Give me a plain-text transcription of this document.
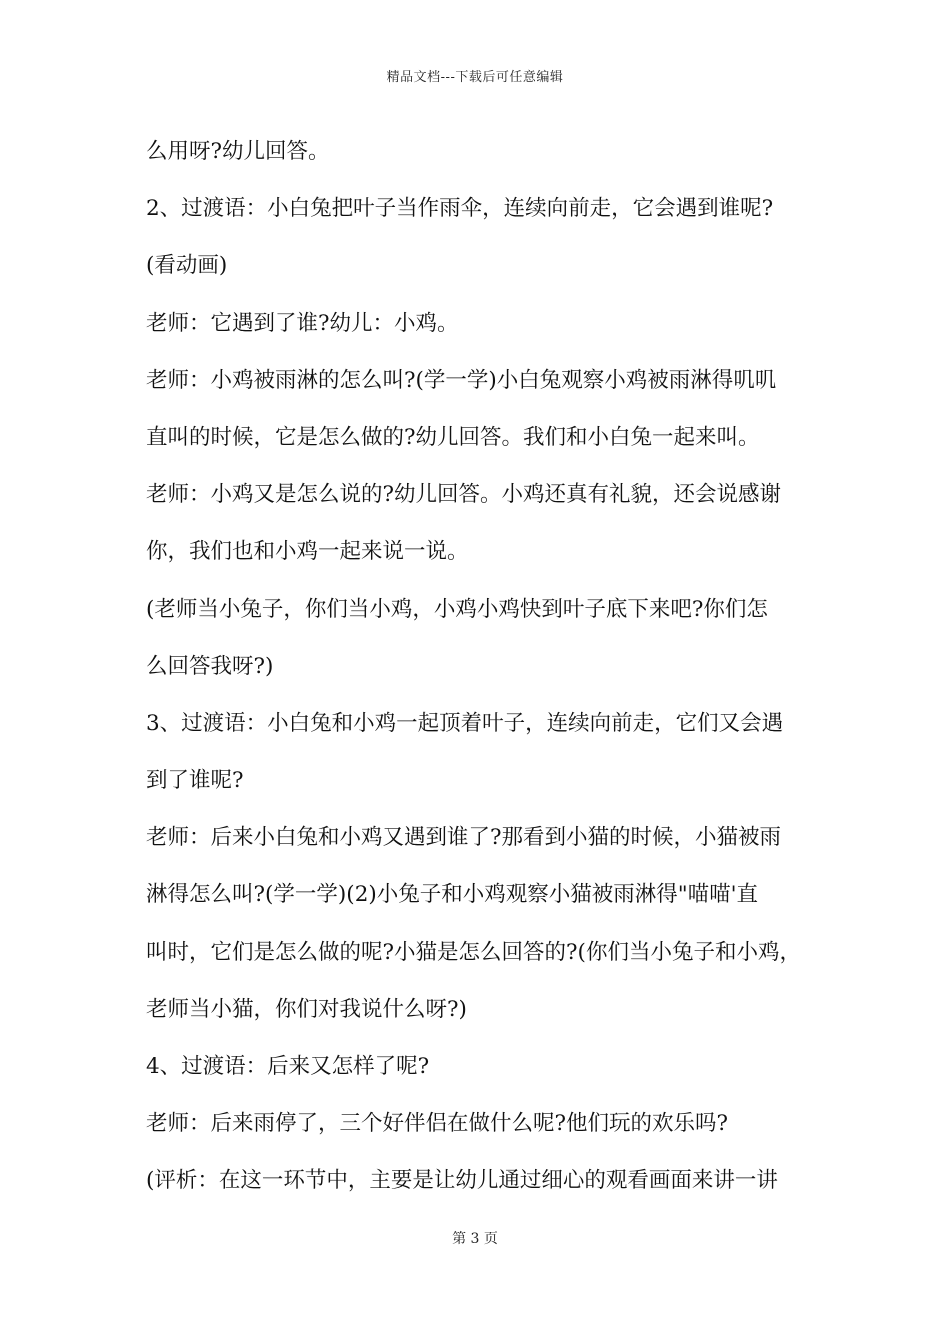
精品文档---下载后可任意编辑
么用呀?幼儿回答。
2、过渡语：小白兔把叶子当作雨伞，连续向前走，它会遇到谁呢?
(看动画)
老师：它遇到了谁?幼儿：小鸡。
老师：小鸡被雨淋的怎么叫?(学一学)小白兔观察小鸡被雨淋得叽叽
直叫的时候，它是怎么做的?幼儿回答。我们和小白兔一起来叫。
老师：小鸡又是怎么说的?幼儿回答。小鸡还真有礼貌，还会说感谢
你，我们也和小鸡一起来说一说。
(老师当小兔子，你们当小鸡，小鸡小鸡快到叶子底下来吧?你们怎
么回答我呀?)
3、过渡语：小白兔和小鸡一起顶着叶子，连续向前走，它们又会遇
到了谁呢?
老师：后来小白兔和小鸡又遇到谁了?那看到小猫的时候，小猫被雨
淋得怎么叫?(学一学)(2)小兔子和小鸡观察小猫被雨淋得"喵喵'直
叫时，它们是怎么做的呢?小猫是怎么回答的?(你们当小兔子和小鸡，
老师当小猫，你们对我说什么呀?)
4、过渡语：后来又怎样了呢?
老师：后来雨停了，三个好伴侣在做什么呢?他们玩的欢乐吗?
(评析：在这一环节中，主要是让幼儿通过细心的观看画面来讲一讲
第 3 页
